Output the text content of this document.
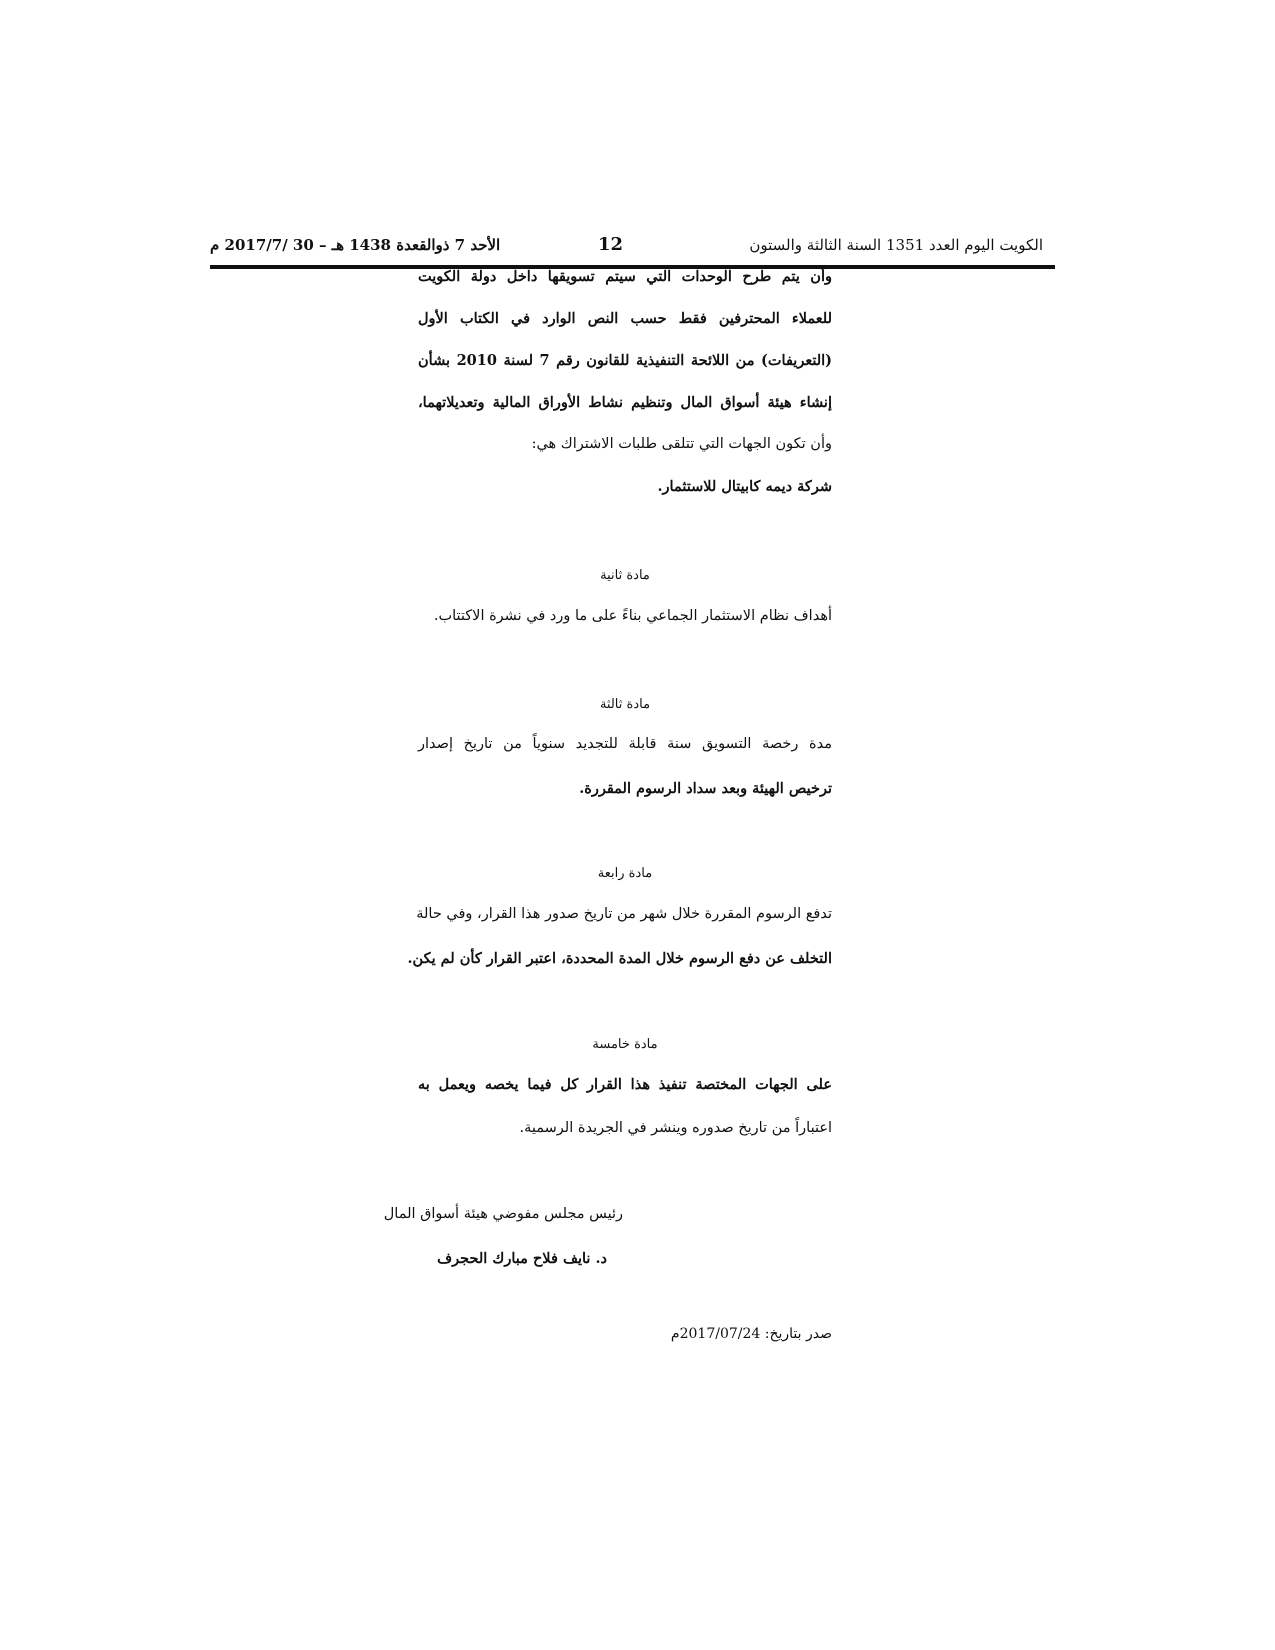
الكويت اليوم العدد 1351 السنة الثالثة والستون
12
الأحد 7 ذوالقعدة 1438 هـ – 30 /2017/7 م
وأن يتم طرح الوحدات التي سيتم تسويقها داخل دولة الكويت
للعملاء المحترفين فقط حسب النص الوارد في الكتاب الأول
(التعريفات) من اللائحة التنفيذية للقانون رقم 7 لسنة 2010 بشأن
إنشاء هيئة أسواق المال وتنظيم نشاط الأوراق المالية وتعديلاتهما،
وأن تكون الجهات التي تتلقى طلبات الاشتراك هي:
شركة ديمه كابيتال للاستثمار.
مادة ثانية
أهداف نظام الاستثمار الجماعي بناءً على ما ورد في نشرة الاكتتاب.
مادة ثالثة
مدة رخصة التسويق سنة قابلة للتجديد سنوياً من تاريخ إصدار
ترخيص الهيئة وبعد سداد الرسوم المقررة.
مادة رابعة
تدفع الرسوم المقررة خلال شهر من تاريخ صدور هذا القرار، وفي حالة
التخلف عن دفع الرسوم خلال المدة المحددة، اعتبر القرار كأن لم يكن.
مادة خامسة
على الجهات المختصة تنفيذ هذا القرار كل فيما يخصه ويعمل به
اعتباراً من تاريخ صدوره وينشر في الجريدة الرسمية.
رئيس مجلس مفوضي هيئة أسواق المال
د. نايف فلاح مبارك الحجرف
صدر بتاريخ: 2017/07/24م
